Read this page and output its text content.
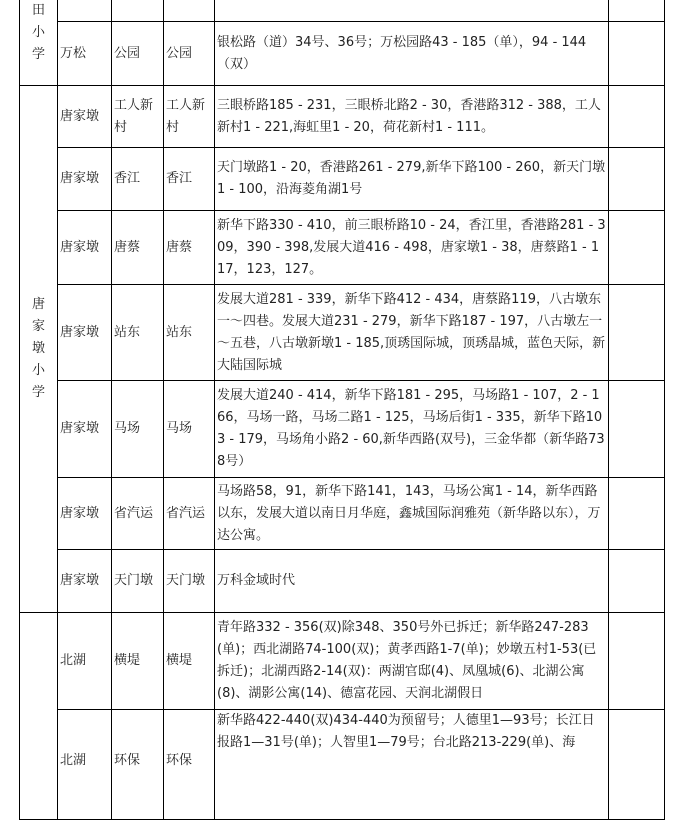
田小学					
	万松	公园	公园	银松路（道）34号、36号；万松园路43 - 185（单），94 - 144（双）	
唐家墩小学	唐家墩	工人新村	工人新村	三眼桥路185 - 231，三眼桥北路2 - 30，香港路312 - 388，工人新村1 - 221,海虹里1 - 20，荷花新村1 - 111。	
	唐家墩	香江	香江	天门墩路1 - 20，香港路261 - 279,新华下路100 - 260，新天门墩1 - 100，沿海菱角湖1号	
	唐家墩	唐蔡	唐蔡	新华下路330 - 410，前三眼桥路10 - 24，香江里，香港路281 - 309，390 - 398,发展大道416 - 498，唐家墩1 - 38，唐蔡路1 - 117，123，127。	
	唐家墩	站东	站东	发展大道281 - 339，新华下路412 - 434，唐蔡路119，八古墩东一～四巷。发展大道231 - 279，新华下路187 - 197，八古墩左一～五巷，八古墩新墩1 - 185,顶琇国际城，顶琇晶城，蓝色天际，新大陆国际城	
	唐家墩	马场	马场	发展大道240 - 414，新华下路181 - 295，马场路1 - 107，2 - 166，马场一路，马场二路1 - 125，马场后街1 - 335，新华下路103 - 179，马场角小路2 - 60,新华西路(双号)，三金华都（新华路738号）	
	唐家墩	省汽运	省汽运	马场路58，91，新华下路141，143，马场公寓1 - 14，新华西路以东，发展大道以南日月华庭，鑫城国际润雅苑（新华路以东），万达公寓。	
	唐家墩	天门墩	天门墩	万科金域时代	
	北湖	横堤	横堤	青年路332 - 356(双)除348、350号外已拆迁；新华路247-283(单)；西北湖路74-100(双)；黄孝西路1-7(单)；妙墩五村1-53(已拆迁)；北湖西路2-14(双)：两湖官邸(4)、凤凰城(6)、北湖公寓(8)、湖影公寓(14)、德富花园、天润北湖假日	
	北湖	环保	环保	新华路422-440(双)434-440为预留号；人德里1—93号；长江日报路1—31号(单)；人智里1—79号；台北路213-229(单)、海	
